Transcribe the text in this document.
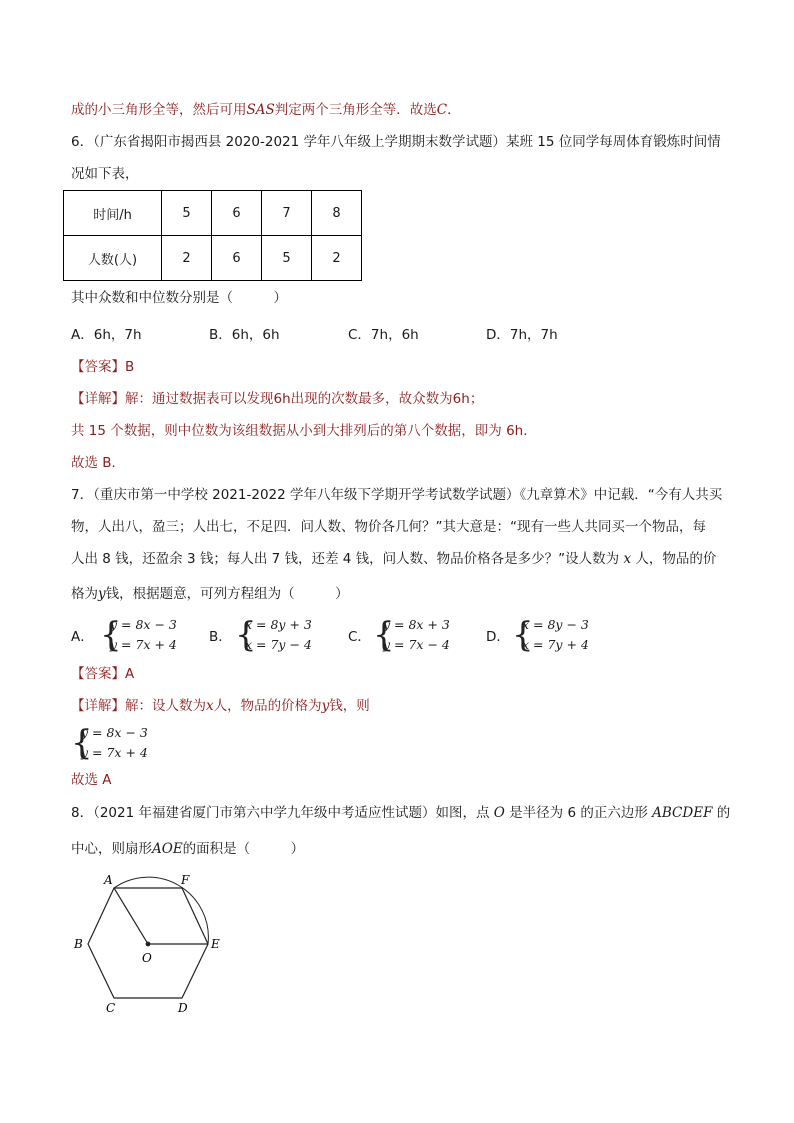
成的小三角形全等，然后可用SAS判定两个三角形全等．故选C．
6．（广东省揭阳市揭西县 2020-2021 学年八年级上学期期末数学试题）某班 15 位同学每周体育锻炼时间情
况如下表，
时间/h	5	6	7	8
人数(人)	2	6	5	2
其中众数和中位数分别是（　　　）
A．6h，7h	B．6h，6h	C．7h，6h	D．7h，7h
【答案】B
【详解】解：通过数据表可以发现6h出现的次数最多，故众数为6h；
共 15 个数据，则中位数为该组数据从小到大排列后的第八个数据，即为 6h．
故选 B．
7．（重庆市第一中学校 2021-2022 学年八年级下学期开学考试数学试题）《九章算术》中记载．“今有人共买
物，人出八，盈三；人出七，不足四．问人数、物价各几何？”其大意是：“现有一些人共同买一个物品，每
人出 8 钱，还盈余 3 钱；每人出 7 钱，还差 4 钱，问人数、物品价格各是多少？”设人数为 x 人，物品的价
格为y钱，根据题意，可列方程组为（　　　）
A． {
y = 8x − 3
y = 7x + 4 B． {
x = 8y + 3
x = 7y − 4	C． {
y = 8x + 3
y = 7x − 4	D． {
x = 8y − 3
x = 7y + 4
【答案】A
【详解】解：设人数为x人，物品的价格为y钱，则
{
y = 8x − 3
y = 7x + 4
故选 A
8．（2021 年福建省厦门市第六中学九年级中考适应性试题）如图，点 O 是半径为 6 的正六边形 ABCDEF 的
中心，则扇形AOE的面积是（　　　）
A	F
B
O
E
C	D
